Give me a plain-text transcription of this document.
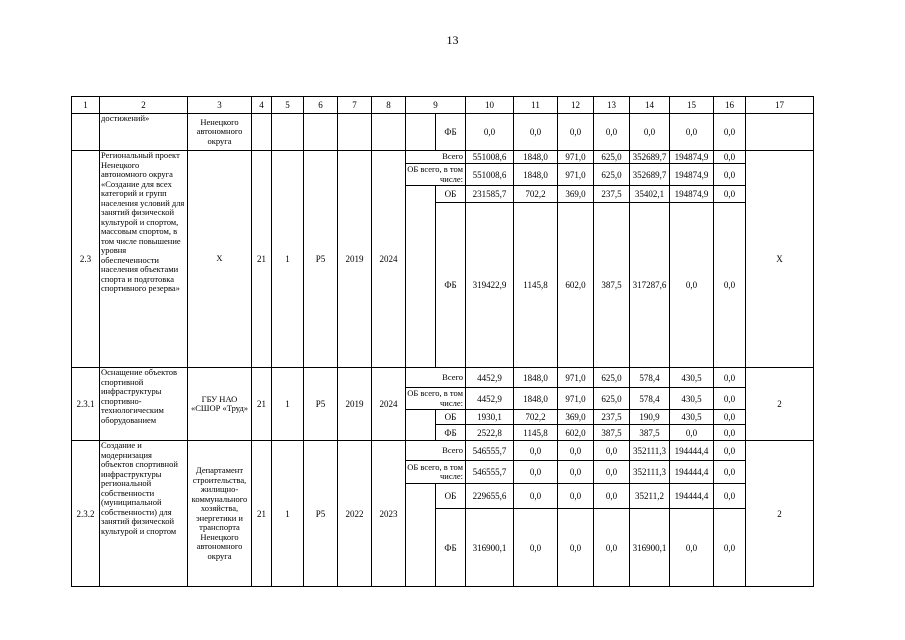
13
1	2	3	4	5	6	7	8	9		10	11	12	13	14	15	16	17
	достижений»	Ненецкого автономного округа							ФБ	0,0	0,0	0,0	0,0	0,0	0,0	0,0	
2.3	Региональный проект Ненецкого автономного округа «Создание для всех категорий и групп населения условий для занятий физической культурой и спортом, массовым спортом, в том числе повышение уровня обеспеченности населения объектами спорта и подготовка спортивного резерва»	Х	21	1	Р5	2019	2024	Всего		551008,6	1848,0	971,0	625,0	352689,7	194874,9	0,0	Х
								ОБ всего, в том числе:		551008,6	1848,0	971,0	625,0	352689,7	194874,9	0,0	
									ОБ	231585,7	702,2	369,0	237,5	35402,1	194874,9	0,0	
									ФБ	319422,9	1145,8	602,0	387,5	317287,6	0,0	0,0	
2.3.1	Оснащение объектов спортивной инфраструктуры спортивно-технологическим оборудованием	ГБУ НАО «СШОР «Труд»	21	1	Р5	2019	2024	Всего		4452,9	1848,0	971,0	625,0	578,4	430,5	0,0	2
								ОБ всего, в том числе:		4452,9	1848,0	971,0	625,0	578,4	430,5	0,0	
									ОБ	1930,1	702,2	369,0	237,5	190,9	430,5	0,0	
									ФБ	2522,8	1145,8	602,0	387,5	387,5	0,0	0,0	
2.3.2	Создание и модернизация объектов спортивной инфраструктуры региональной собственности (муниципальной собственности) для занятий физической культурой и спортом	Департамент строительства, жилищно-коммунального хозяйства, энергетики и транспорта Ненецкого автономного округа	21	1	Р5	2022	2023	Всего		546555,7	0,0	0,0	0,0	352111,3	194444,4	0,0	2
								ОБ всего, в том числе:		546555,7	0,0	0,0	0,0	352111,3	194444,4	0,0	
									ОБ	229655,6	0,0	0,0	0,0	35211,2	194444,4	0,0	
									ФБ	316900,1	0,0	0,0	0,0	316900,1	0,0	0,0	
